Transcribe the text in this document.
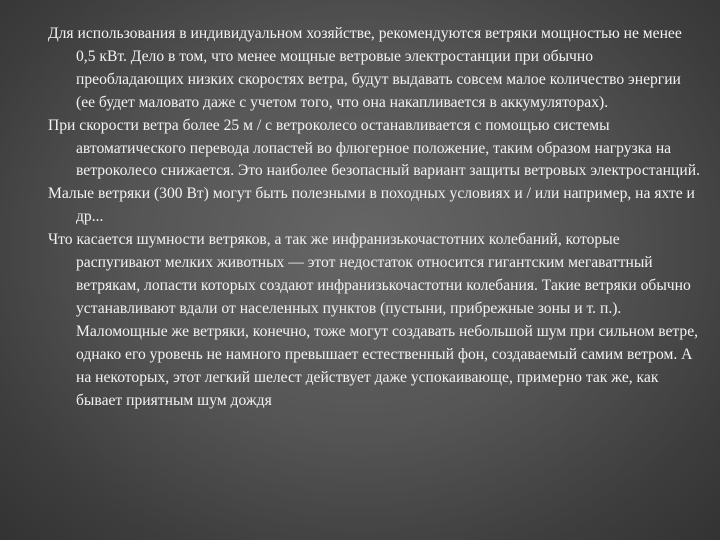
Для использования в индивидуальном хозяйстве, рекомендуются ветряки мощностью не менее 0,5 кВт. Дело в том, что менее мощные ветровые электростанции при обычно преобладающих низких скоростях ветра, будут выдавать совсем малое количество энергии (ее будет маловато даже с учетом того, что она накапливается в аккумуляторах).

При скорости ветра более 25 м / с ветроколесо останавливается с помощью системы автоматического перевода лопастей во флюгерное положение, таким образом нагрузка на ветроколесо снижается. Это наиболее безопасный вариант защиты ветровых электростанций.

Малые ветряки (300 Вт) могут быть полезными в походных условиях и / или например, на яхте и др...

Что касается шумности ветряков, а так же инфранизькочастотних колебаний, которые распугивают мелких животных — этот недостаток относится гигантским мегаваттный ветрякам, лопасти которых создают инфранизькочастотни колебания. Такие ветряки обычно устанавливают вдали от населенных пунктов (пустыни, прибрежные зоны и т. п.). Маломощные же ветряки, конечно, тоже могут создавать небольшой шум при сильном ветре, однако его уровень не намного превышает естественный фон, создаваемый самим ветром. А на некоторых, этот легкий шелест действует даже успокаивающе, примерно так же, как бывает приятным шум дождя
